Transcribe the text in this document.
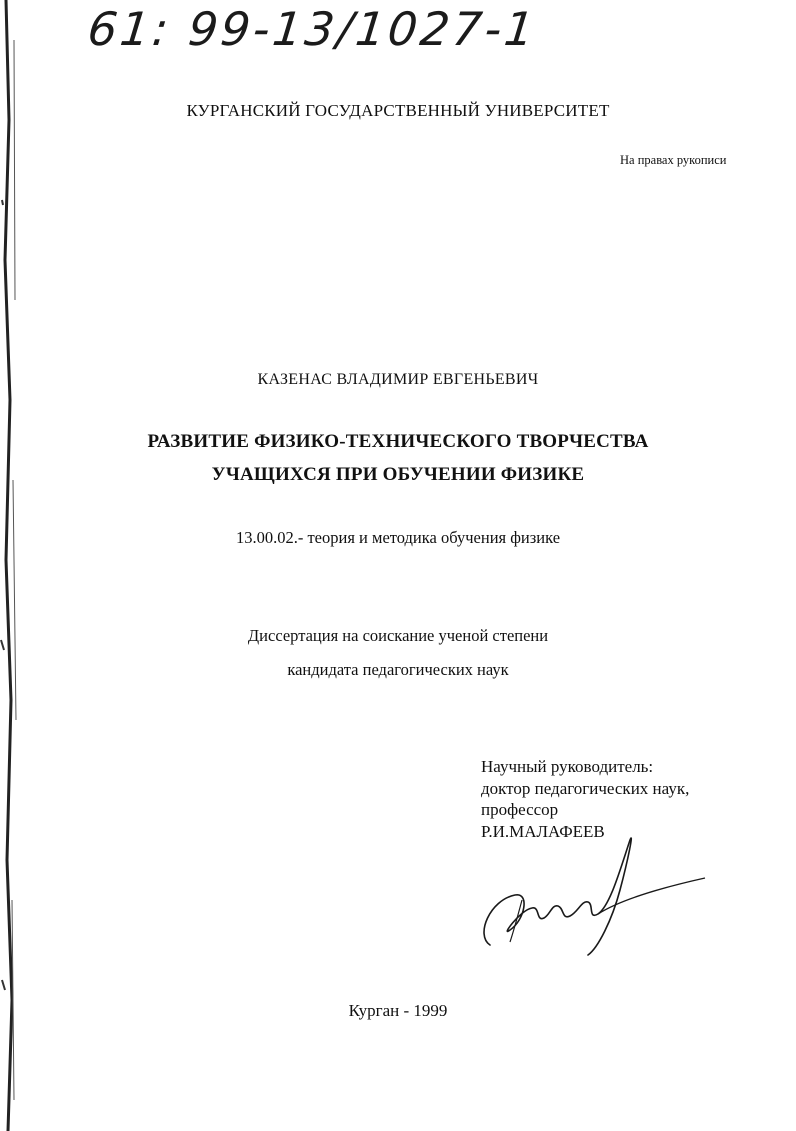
61: 99-13/1027-1
КУРГАНСКИЙ ГОСУДАРСТВЕННЫЙ УНИВЕРСИТЕТ
На правах рукописи
КАЗЕНАС ВЛАДИМИР ЕВГЕНЬЕВИЧ
РАЗВИТИЕ ФИЗИКО-ТЕХНИЧЕСКОГО ТВОРЧЕСТВА
УЧАЩИХСЯ ПРИ ОБУЧЕНИИ ФИЗИКЕ
13.00.02.- теория и методика обучения физике
Диссертация на соискание ученой степени
кандидата педагогических наук
Научный руководитель:
доктор педагогических наук,
профессор
Р.И.МАЛАФЕЕВ
Курган - 1999
